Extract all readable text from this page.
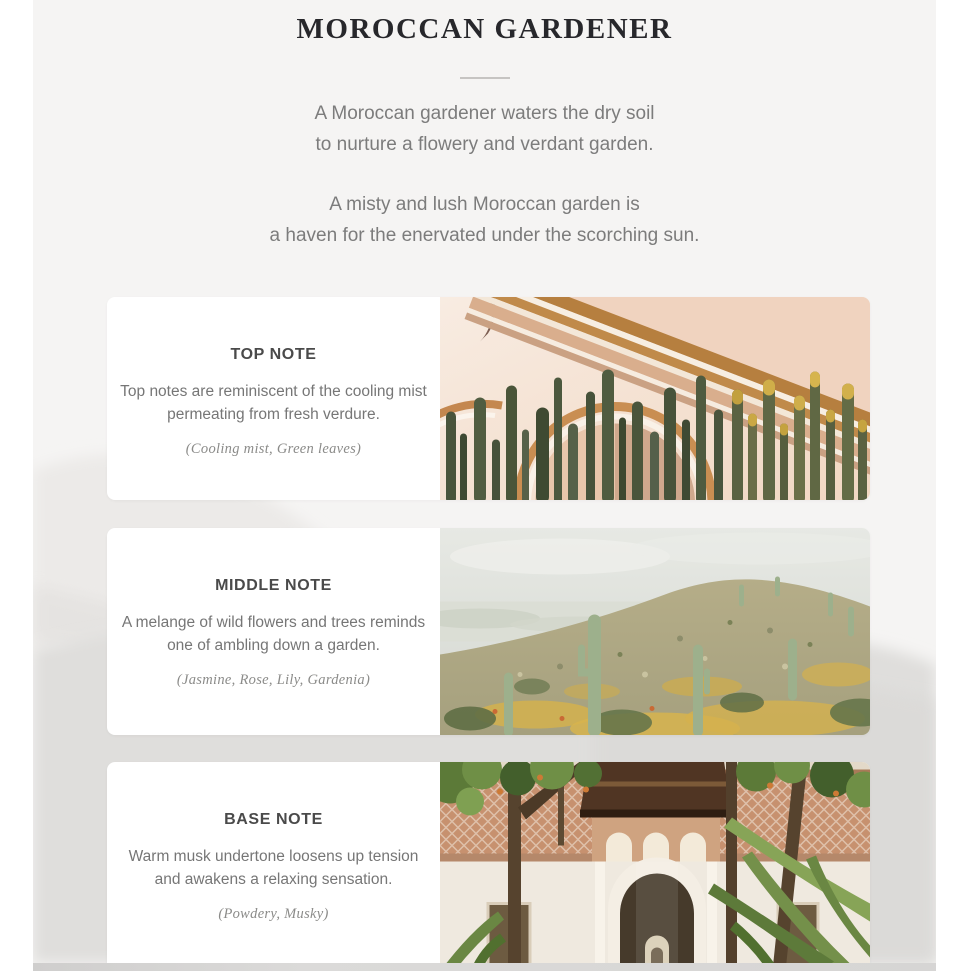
MOROCCAN GARDENER
A Moroccan gardener waters the dry soil
to nurture a flowery and verdant garden.
A misty and lush Moroccan garden is
a haven for the enervated under the scorching sun.
TOP NOTE
Top notes are reminiscent of the cooling mist
permeating from fresh verdure.
(Cooling mist, Green leaves)
MIDDLE NOTE
A melange of wild flowers and trees reminds
one of ambling down a garden.
(Jasmine, Rose, Lily, Gardenia)
BASE NOTE
Warm musk undertone loosens up tension
and awakens a relaxing sensation.
(Powdery, Musky)
